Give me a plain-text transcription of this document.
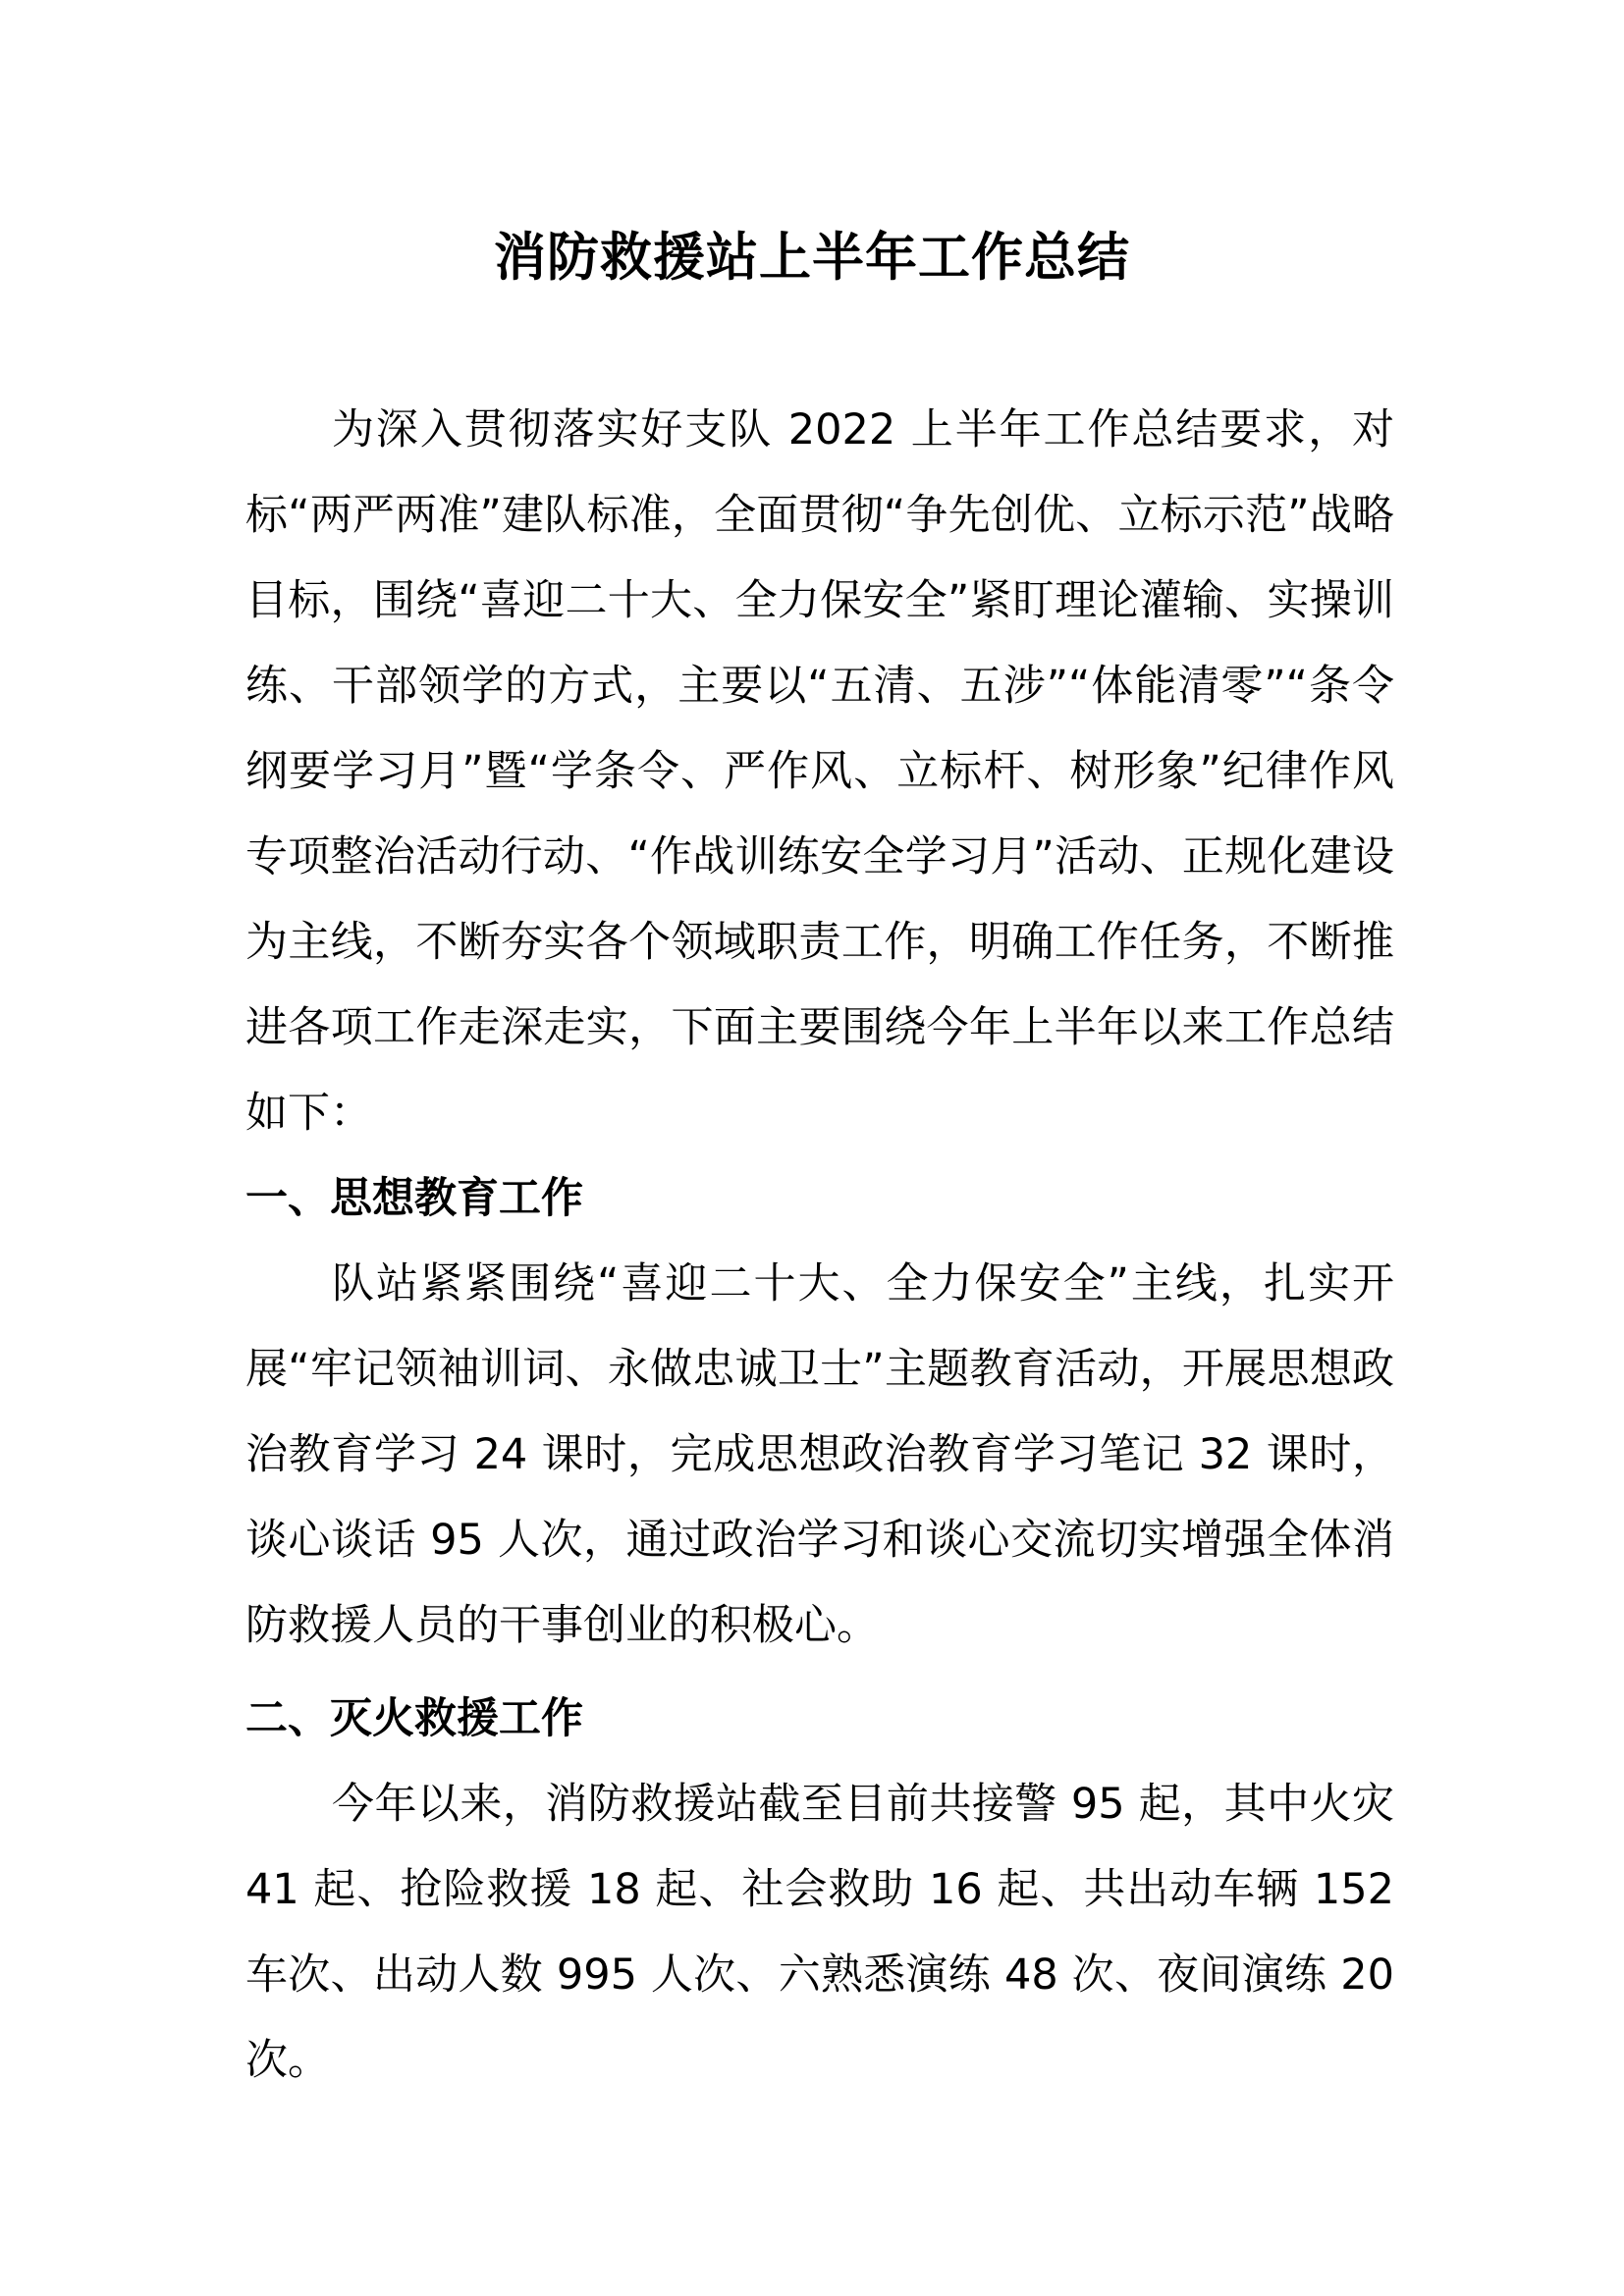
消防救援站上半年工作总结

为深入贯彻落实好支队 2022 上半年工作总结要求，对标“两严两准”建队标准，全面贯彻“争先创优、立标示范”战略目标，围绕“喜迎二十大、全力保安全”紧盯理论灌输、实操训练、干部领学的方式，主要以“五清、五涉”“体能清零”“条令纲要学习月”暨“学条令、严作风、立标杆、树形象”纪律作风专项整治活动行动、“作战训练安全学习月”活动、正规化建设为主线，不断夯实各个领域职责工作，明确工作任务，不断推进各项工作走深走实，下面主要围绕今年上半年以来工作总结如下：

一、思想教育工作

队站紧紧围绕“喜迎二十大、全力保安全”主线，扎实开展“牢记领袖训词、永做忠诚卫士”主题教育活动，开展思想政治教育学习 24 课时，完成思想政治教育学习笔记 32 课时，谈心谈话 95 人次，通过政治学习和谈心交流切实增强全体消防救援人员的干事创业的积极心。

二、灭火救援工作

今年以来，消防救援站截至目前共接警 95 起，其中火灾 41 起、抢险救援 18 起、社会救助 16 起、共出动车辆 152 车次、出动人数 995 人次、六熟悉演练 48 次、夜间演练 20 次。
